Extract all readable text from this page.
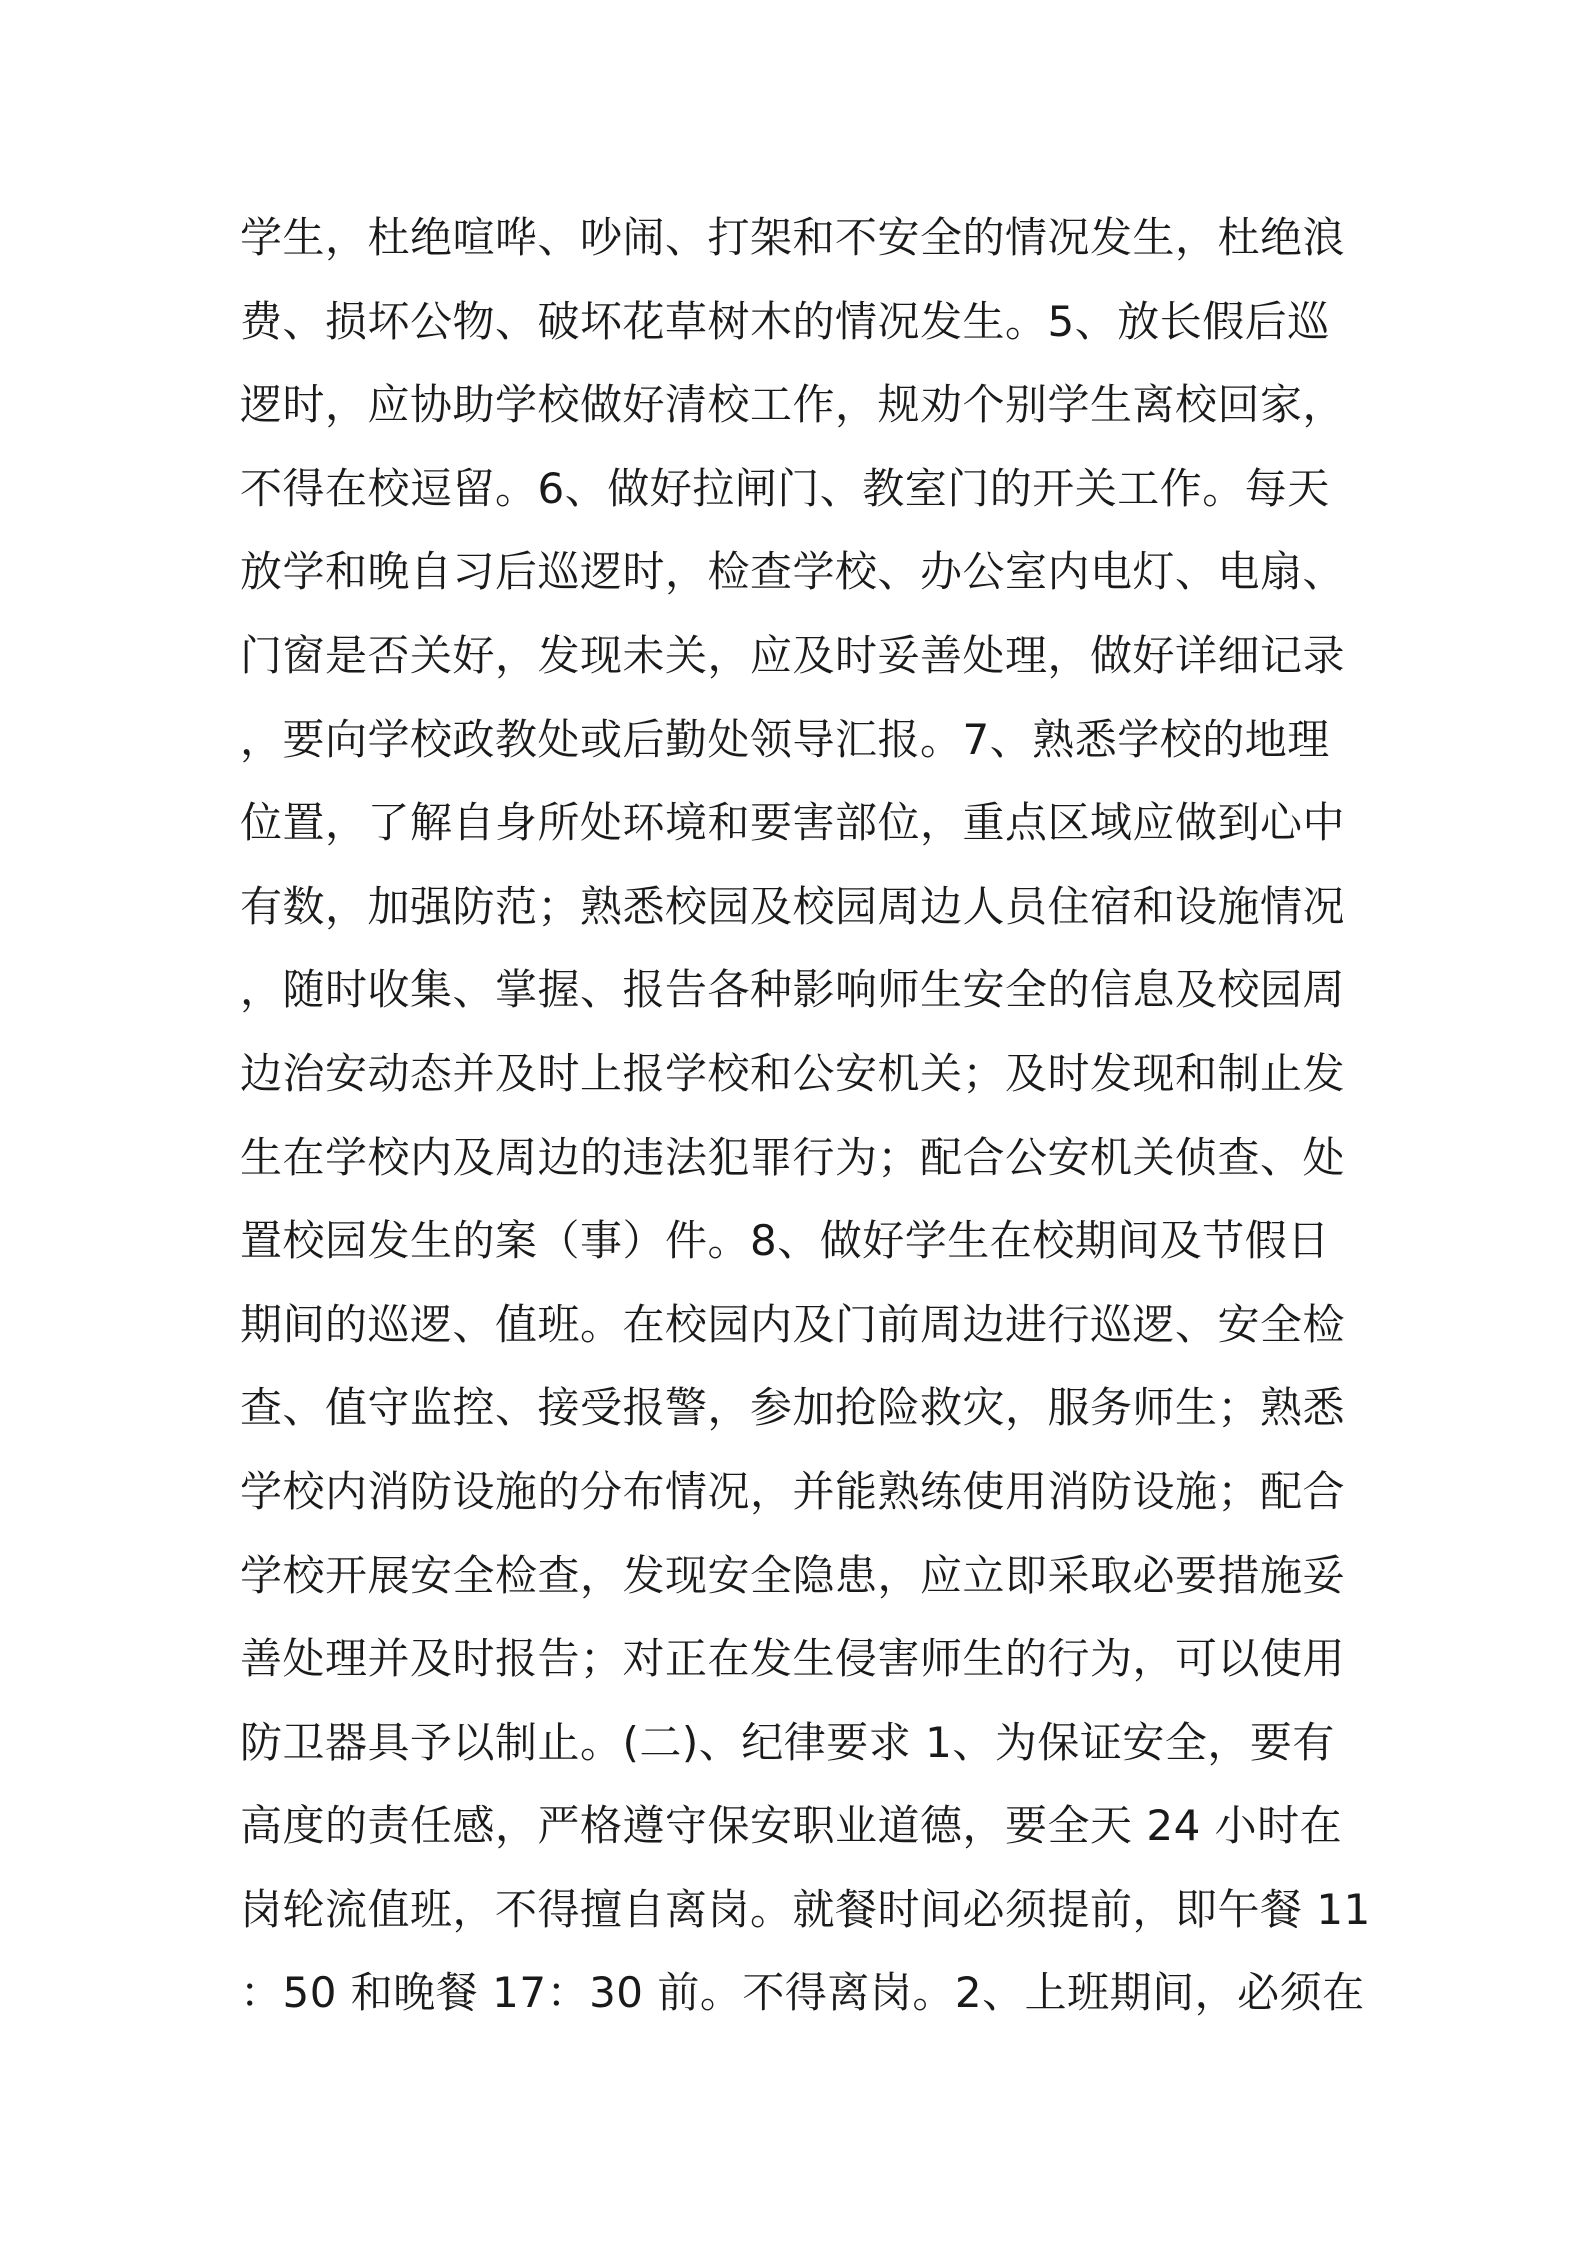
学生，杜绝喧哗、吵闹、打架和不安全的情况发生，杜绝浪
费、损坏公物、破坏花草树木的情况发生。5、放长假后巡
逻时，应协助学校做好清校工作，规劝个别学生离校回家，
不得在校逗留。6、做好拉闸门、教室门的开关工作。每天
放学和晚自习后巡逻时，检查学校、办公室内电灯、电扇、
门窗是否关好，发现未关，应及时妥善处理，做好详细记录
，要向学校政教处或后勤处领导汇报。7、熟悉学校的地理
位置，了解自身所处环境和要害部位，重点区域应做到心中
有数，加强防范；熟悉校园及校园周边人员住宿和设施情况
，随时收集、掌握、报告各种影响师生安全的信息及校园周
边治安动态并及时上报学校和公安机关；及时发现和制止发
生在学校内及周边的违法犯罪行为；配合公安机关侦查、处
置校园发生的案（事）件。8、做好学生在校期间及节假日
期间的巡逻、值班。在校园内及门前周边进行巡逻、安全检
查、值守监控、接受报警，参加抢险救灾，服务师生；熟悉
学校内消防设施的分布情况，并能熟练使用消防设施；配合
学校开展安全检查，发现安全隐患，应立即采取必要措施妥
善处理并及时报告；对正在发生侵害师生的行为，可以使用
防卫器具予以制止。(二)、纪律要求 1、为保证安全，要有
高度的责任感，严格遵守保安职业道德，要全天 24 小时在
岗轮流值班，不得擅自离岗。就餐时间必须提前，即午餐 11
：50 和晚餐 17：30 前。不得离岗。2、上班期间，必须在
